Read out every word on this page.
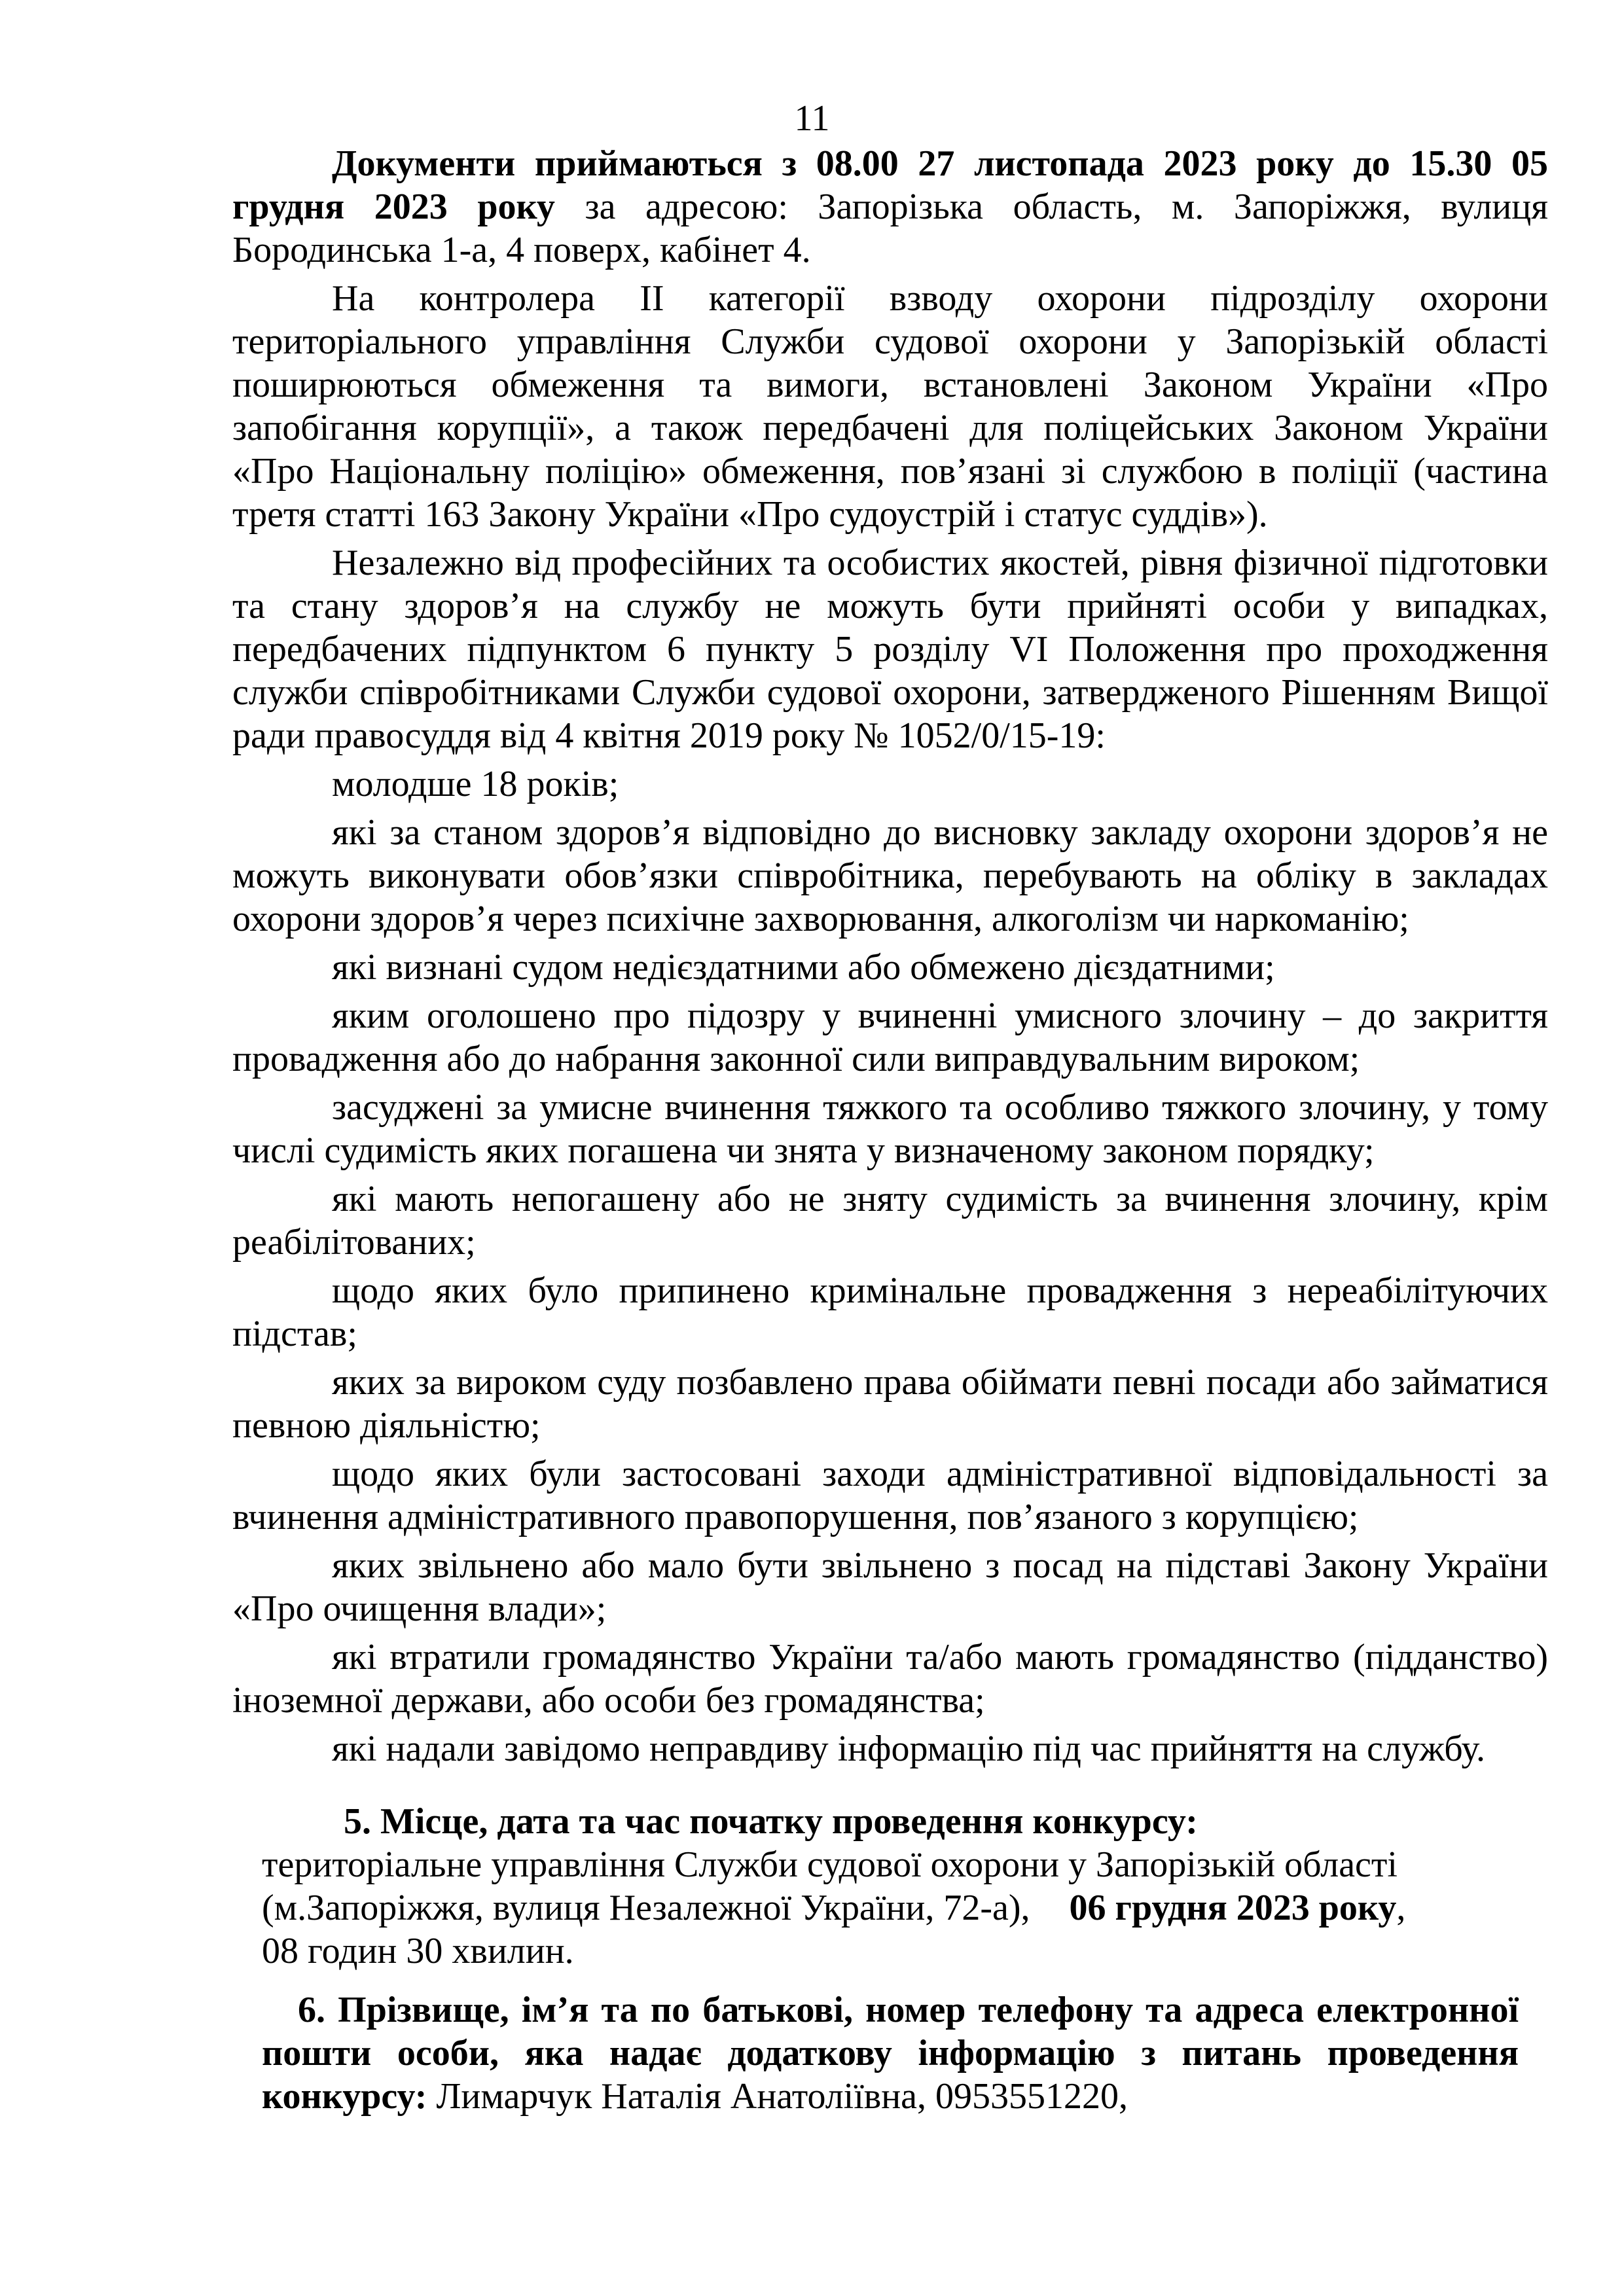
11

Документи приймаються з 08.00 27 листопада 2023 року до 15.30 05 грудня 2023 року за адресою: Запорізька область, м. Запоріжжя, вулиця Бородинська 1-а, 4 поверх, кабінет 4.

На контролера ІІ категорії взводу охорони підрозділу охорони територіального управління Служби судової охорони у Запорізькій області поширюються обмеження та вимоги, встановлені Законом України «Про запобігання корупції», а також передбачені для поліцейських Законом України «Про Національну поліцію» обмеження, пов’язані зі службою в поліції (частина третя статті 163 Закону України «Про судоустрій і статус суддів»).

Незалежно від професійних та особистих якостей, рівня фізичної підготовки та стану здоров’я на службу не можуть бути прийняті особи у випадках, передбачених підпунктом 6 пункту 5 розділу VI Положення про проходження служби співробітниками Служби судової охорони, затвердженого Рішенням Вищої ради правосуддя від 4 квітня 2019 року № 1052/0/15-19:

молодше 18 років;

які за станом здоров’я відповідно до висновку закладу охорони здоров’я не можуть виконувати обов’язки співробітника, перебувають на обліку в закладах охорони здоров’я через психічне захворювання, алкоголізм чи наркоманію;

які визнані судом недієздатними або обмежено дієздатними;

яким оголошено про підозру у вчиненні умисного злочину – до закриття провадження або до набрання законної сили виправдувальним вироком;

засуджені за умисне вчинення тяжкого та особливо тяжкого злочину, у тому числі судимість яких погашена чи знята у визначеному законом порядку;

які мають непогашену або не зняту судимість за вчинення злочину, крім реабілітованих;

щодо яких було припинено кримінальне провадження з нереабілітуючих підстав;

яких за вироком суду позбавлено права обіймати певні посади або займатися певною діяльністю;

щодо яких були застосовані заходи адміністративної відповідальності за вчинення адміністративного правопорушення, пов’язаного з корупцією;

яких звільнено або мало бути звільнено з посад на підставі Закону України «Про очищення влади»;

які втратили громадянство України та/або мають громадянство (підданство) іноземної держави, або особи без громадянства;

які надали завідомо неправдиву інформацію під час прийняття на службу.

5. Місце, дата та час початку проведення конкурсу:

територіальне управління Служби судової охорони у Запорізькій області

(м.Запоріжжя, вулиця Незалежної України, 72-а), 06 грудня 2023 року,

08 годин 30 хвилин.

6. Прізвище, ім’я та по батькові, номер телефону та адреса електронної пошти особи, яка надає додаткову інформацію з питань проведення конкурсу: Лимарчук Наталія Анатоліївна, 0953551220,
